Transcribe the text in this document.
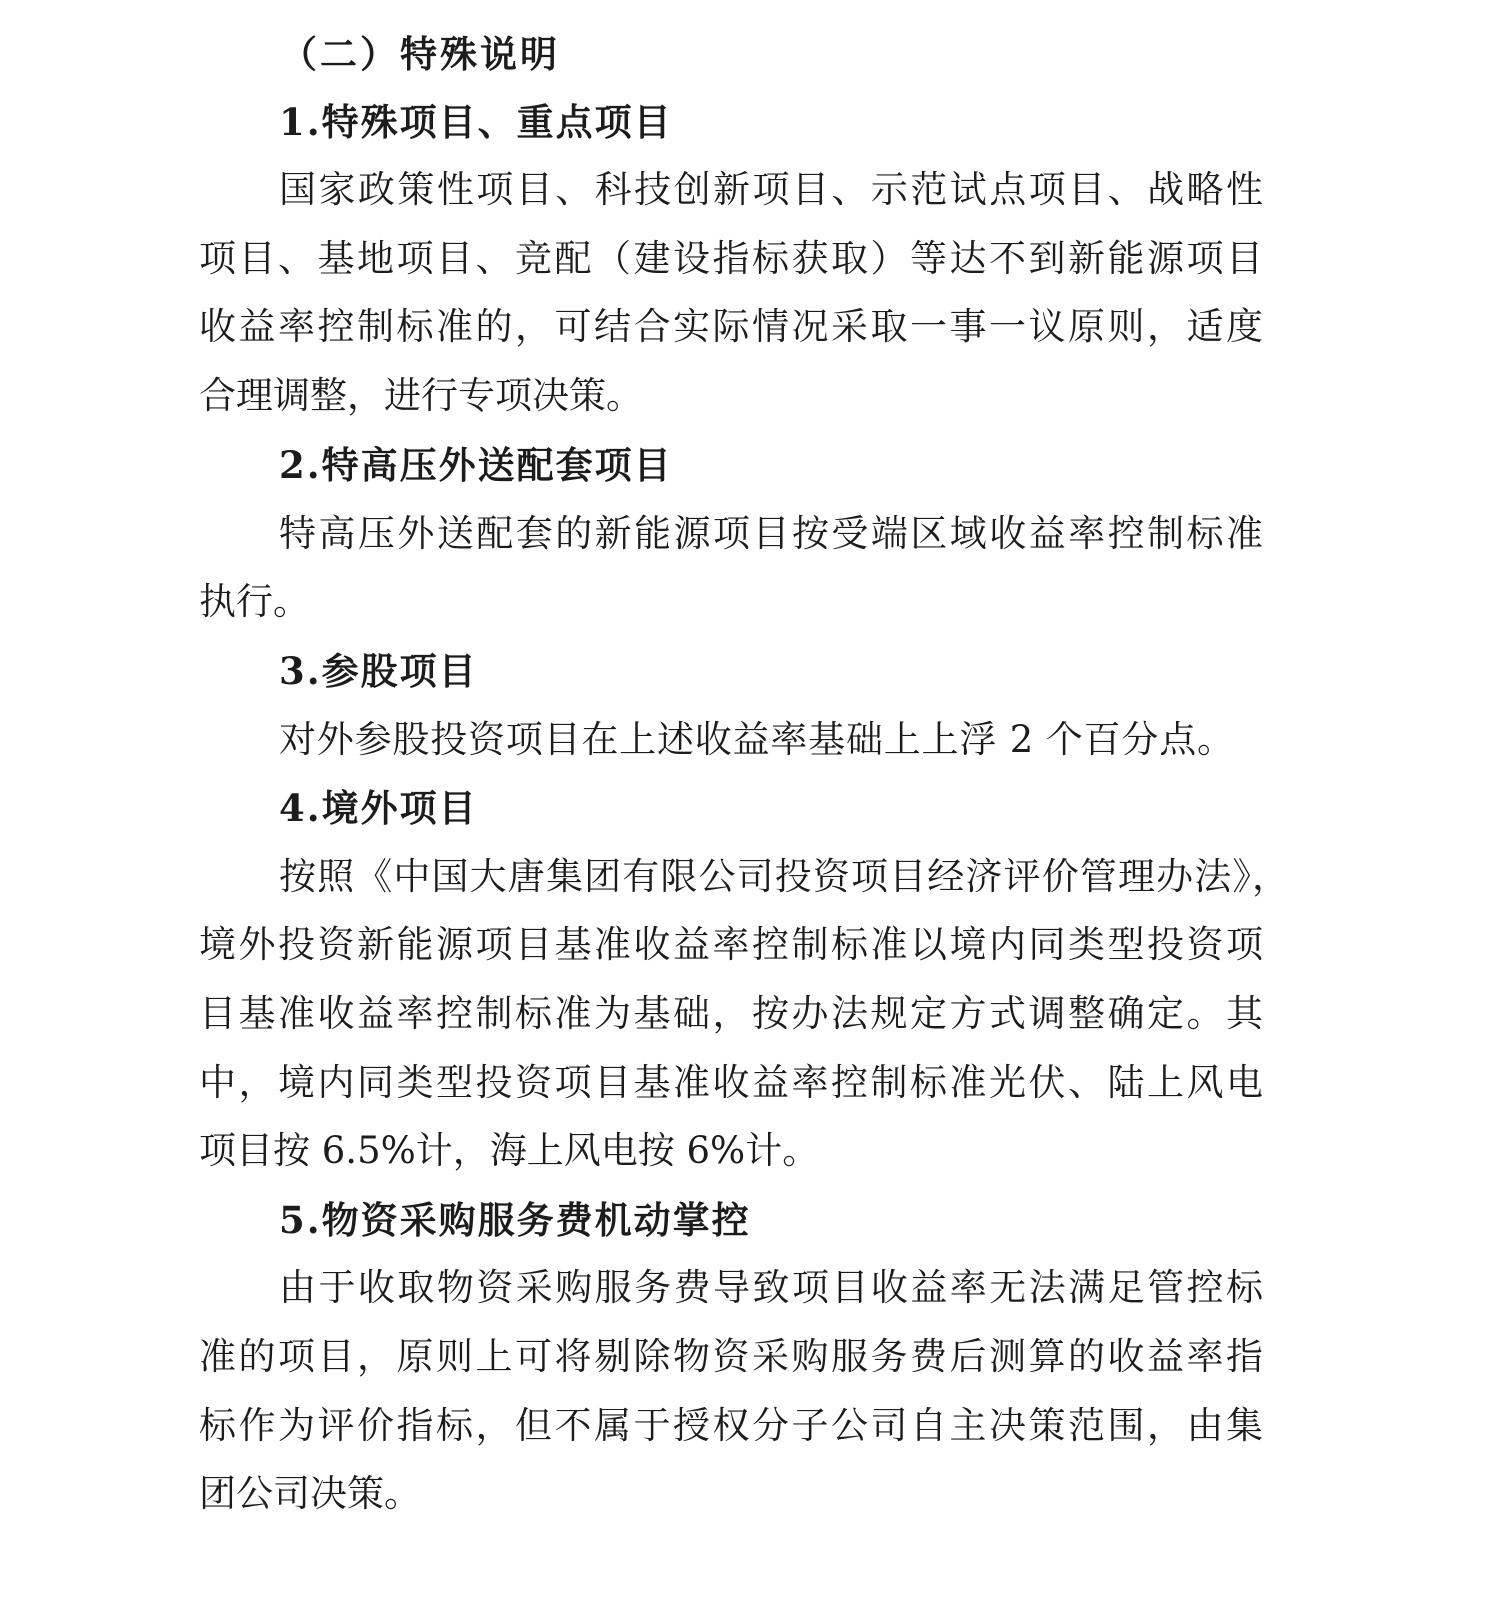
（二）特殊说明
1.特殊项目、重点项目
国家政策性项目、科技创新项目、示范试点项目、战略性
项目、基地项目、竞配（建设指标获取）等达不到新能源项目
收益率控制标准的，可结合实际情况采取一事一议原则，适度
合理调整，进行专项决策。
2.特高压外送配套项目
特高压外送配套的新能源项目按受端区域收益率控制标准
执行。
3.参股项目
对外参股投资项目在上述收益率基础上上浮 2 个百分点。
4.境外项目
按照《中国大唐集团有限公司投资项目经济评价管理办法》，
境外投资新能源项目基准收益率控制标准以境内同类型投资项
目基准收益率控制标准为基础，按办法规定方式调整确定。其
中，境内同类型投资项目基准收益率控制标准光伏、陆上风电
项目按 6.5%计，海上风电按 6%计。
5.物资采购服务费机动掌控
由于收取物资采购服务费导致项目收益率无法满足管控标
准的项目，原则上可将剔除物资采购服务费后测算的收益率指
标作为评价指标，但不属于授权分子公司自主决策范围，由集
团公司决策。
